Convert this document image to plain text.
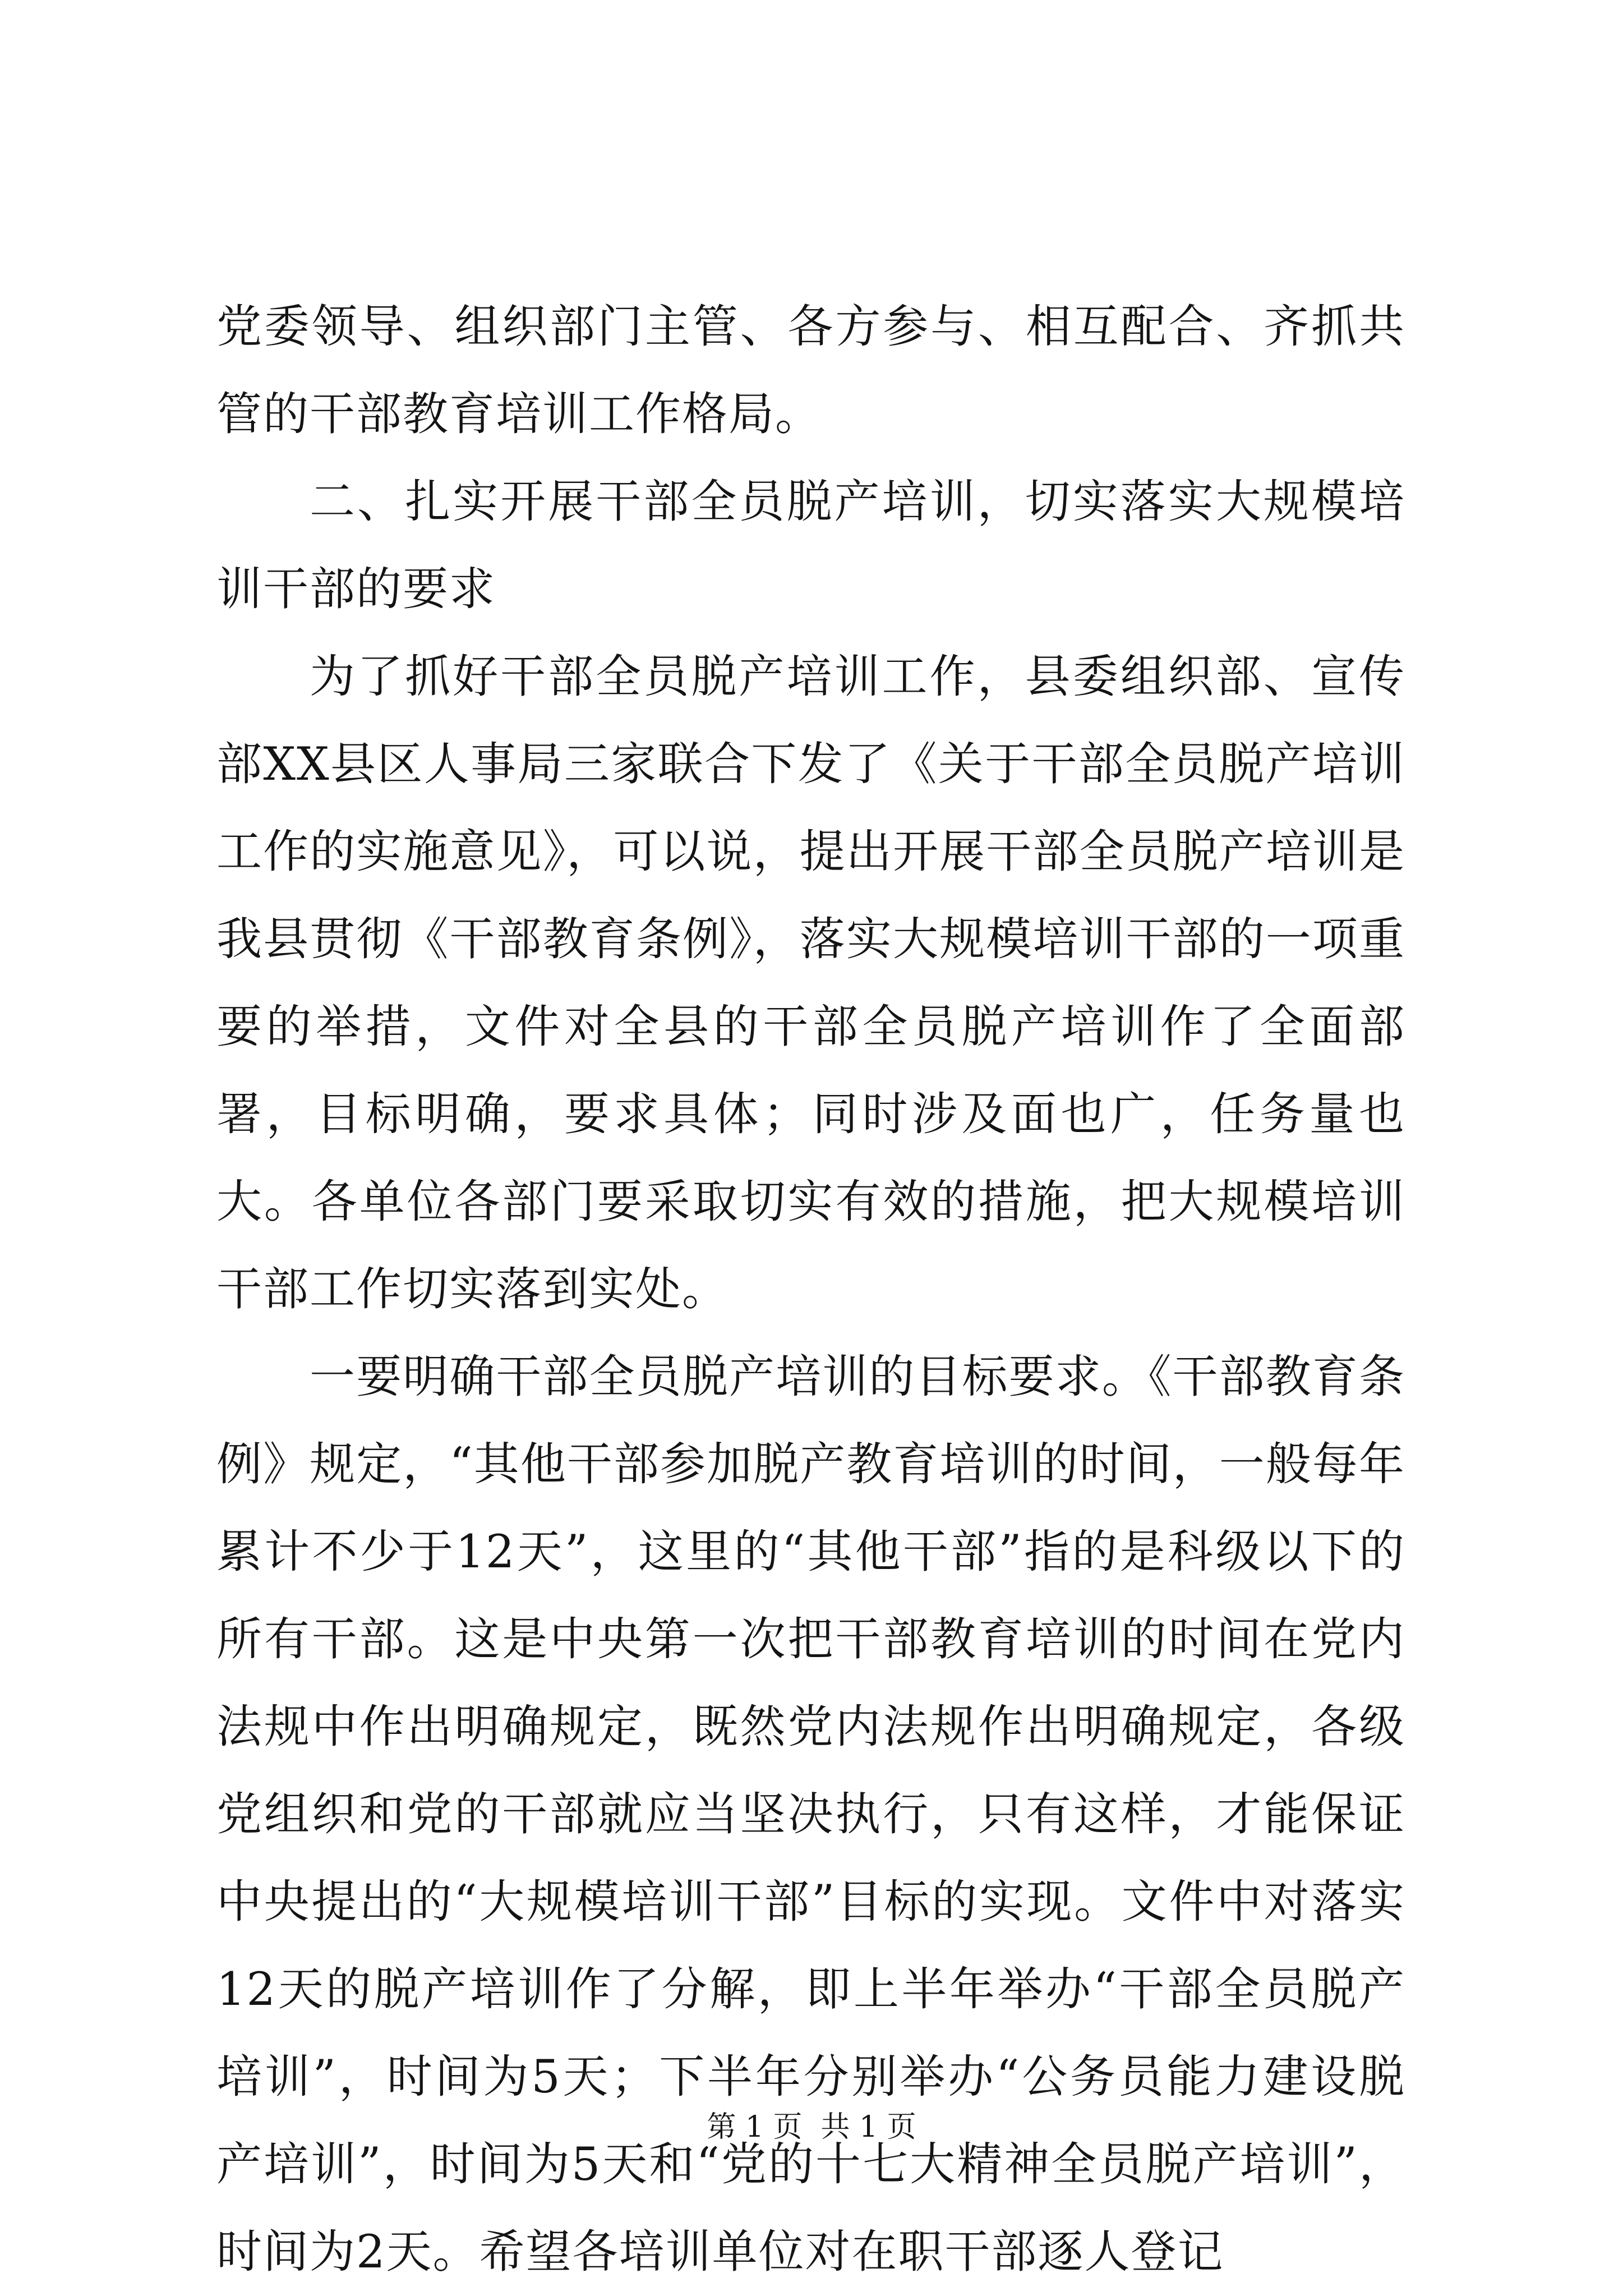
党委领导、组织部门主管、各方参与、相互配合、齐抓共管的干部教育培训工作格局。

二、扎实开展干部全员脱产培训，切实落实大规模培训干部的要求

为了抓好干部全员脱产培训工作，县委组织部、宣传部XX县区人事局三家联合下发了《关于干部全员脱产培训工作的实施意见》，可以说，提出开展干部全员脱产培训是我县贯彻《干部教育条例》，落实大规模培训干部的一项重要的举措，文件对全县的干部全员脱产培训作了全面部署，目标明确，要求具体；同时涉及面也广，任务量也大。各单位各部门要采取切实有效的措施，把大规模培训干部工作切实落到实处。

一要明确干部全员脱产培训的目标要求。《干部教育条例》规定，“其他干部参加脱产教育培训的时间，一般每年累计不少于12天”，这里的“其他干部”指的是科级以下的所有干部。这是中央第一次把干部教育培训的时间在党内法规中作出明确规定，既然党内法规作出明确规定，各级党组织和党的干部就应当坚决执行，只有这样，才能保证中央提出的“大规模培训干部”目标的实现。文件中对落实12天的脱产培训作了分解，即上半年举办“干部全员脱产培训”，时间为5天；下半年分别举办“公务员能力建设脱产培训”，时间为5天和“党的十七大精神全员脱产培训”，时间为2天。希望各培训单位对在职干部逐人登记

第 1 页  共 1 页
